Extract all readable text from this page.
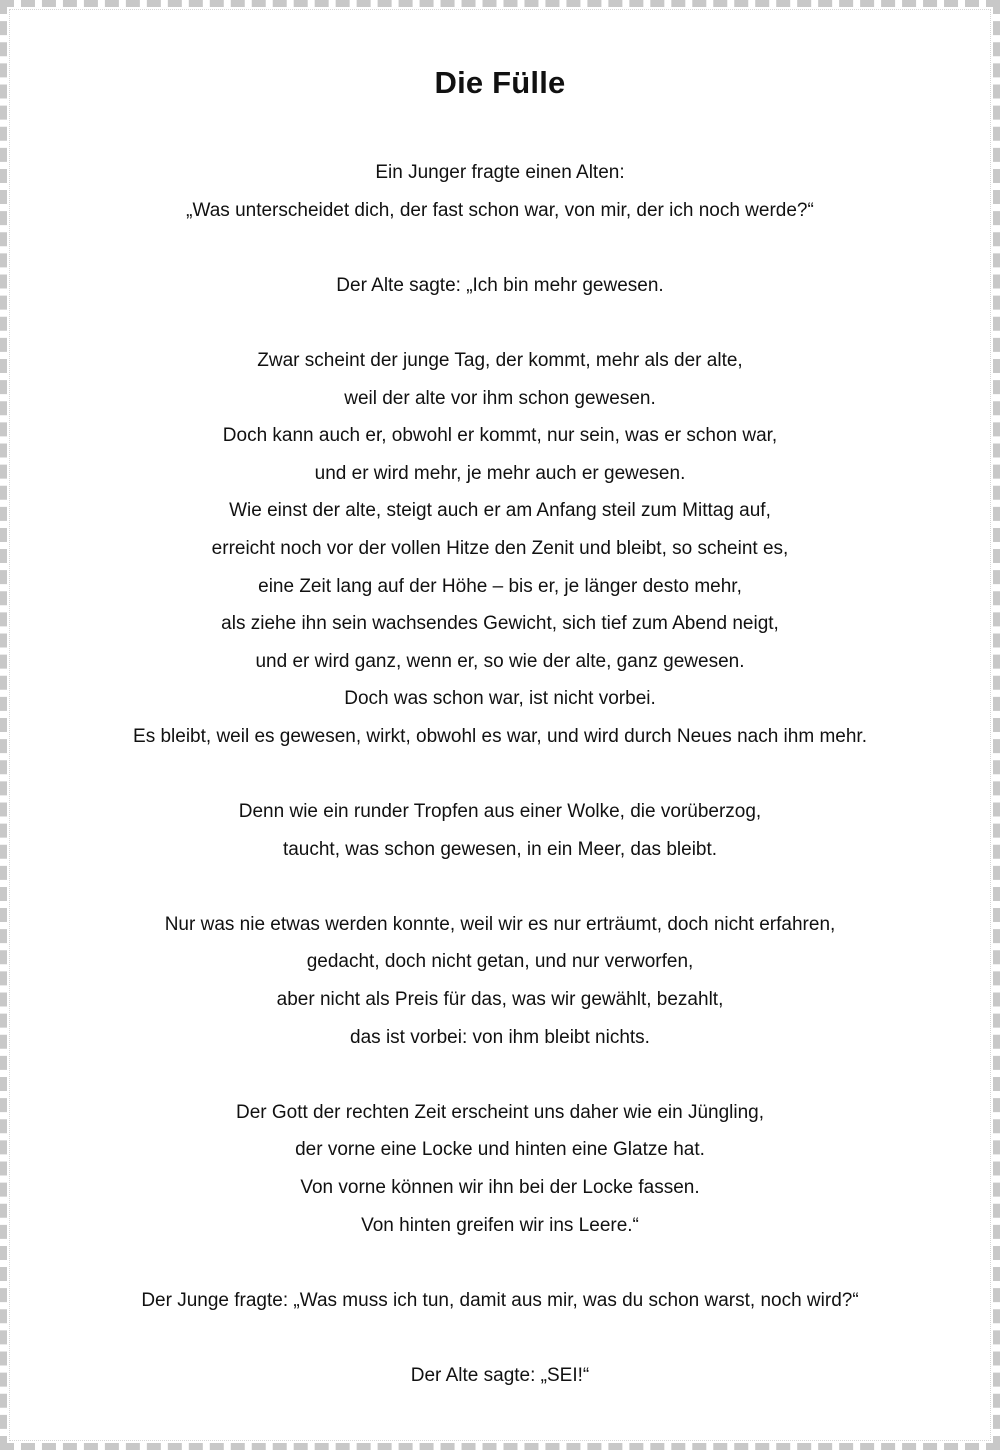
Die Fülle
Ein Junger fragte einen Alten:
„Was unterscheidet dich, der fast schon war, von mir, der ich noch werde?“
Der Alte sagte: „Ich bin mehr gewesen.
Zwar scheint der junge Tag, der kommt, mehr als der alte,
weil der alte vor ihm schon gewesen.
Doch kann auch er, obwohl er kommt, nur sein, was er schon war,
und er wird mehr, je mehr auch er gewesen.
Wie einst der alte, steigt auch er am Anfang steil zum Mittag auf,
erreicht noch vor der vollen Hitze den Zenit und bleibt, so scheint es,
eine Zeit lang auf der Höhe – bis er, je länger desto mehr,
als ziehe ihn sein wachsendes Gewicht, sich tief zum Abend neigt,
und er wird ganz, wenn er, so wie der alte, ganz gewesen.
Doch was schon war, ist nicht vorbei.
Es bleibt, weil es gewesen, wirkt, obwohl es war, und wird durch Neues nach ihm mehr.
Denn wie ein runder Tropfen aus einer Wolke, die vorüberzog,
taucht, was schon gewesen, in ein Meer, das bleibt.
Nur was nie etwas werden konnte, weil wir es nur erträumt, doch nicht erfahren,
gedacht, doch nicht getan, und nur verworfen,
aber nicht als Preis für das, was wir gewählt, bezahlt,
das ist vorbei: von ihm bleibt nichts.
Der Gott der rechten Zeit erscheint uns daher wie ein Jüngling,
der vorne eine Locke und hinten eine Glatze hat.
Von vorne können wir ihn bei der Locke fassen.
Von hinten greifen wir ins Leere.“
Der Junge fragte: „Was muss ich tun, damit aus mir, was du schon warst, noch wird?“
Der Alte sagte: „SEI!“
